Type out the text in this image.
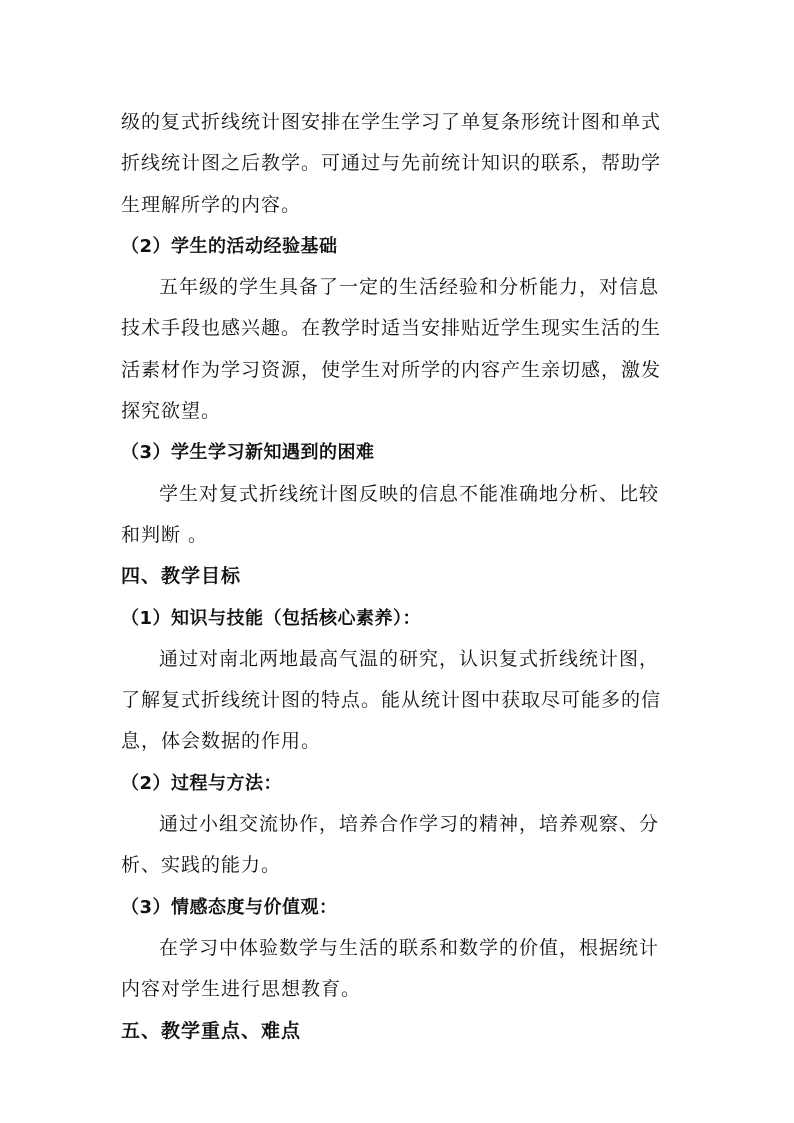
级的复式折线统计图安排在学生学习了单复条形统计图和单式折线统计图之后教学。可通过与先前统计知识的联系，帮助学生理解所学的内容。

（2）学生的活动经验基础

五年级的学生具备了一定的生活经验和分析能力，对信息技术手段也感兴趣。在教学时适当安排贴近学生现实生活的生活素材作为学习资源，使学生对所学的内容产生亲切感，激发探究欲望。

（3）学生学习新知遇到的困难

学生对复式折线统计图反映的信息不能准确地分析、比较和判断 。

四、教学目标

（1）知识与技能（包括核心素养）：

通过对南北两地最高气温的研究，认识复式折线统计图，了解复式折线统计图的特点。能从统计图中获取尽可能多的信息，体会数据的作用。

（2）过程与方法：

通过小组交流协作，培养合作学习的精神，培养观察、分析、实践的能力。

（3）情感态度与价值观：

在学习中体验数学与生活的联系和数学的价值，根据统计内容对学生进行思想教育。

五、教学重点、难点
